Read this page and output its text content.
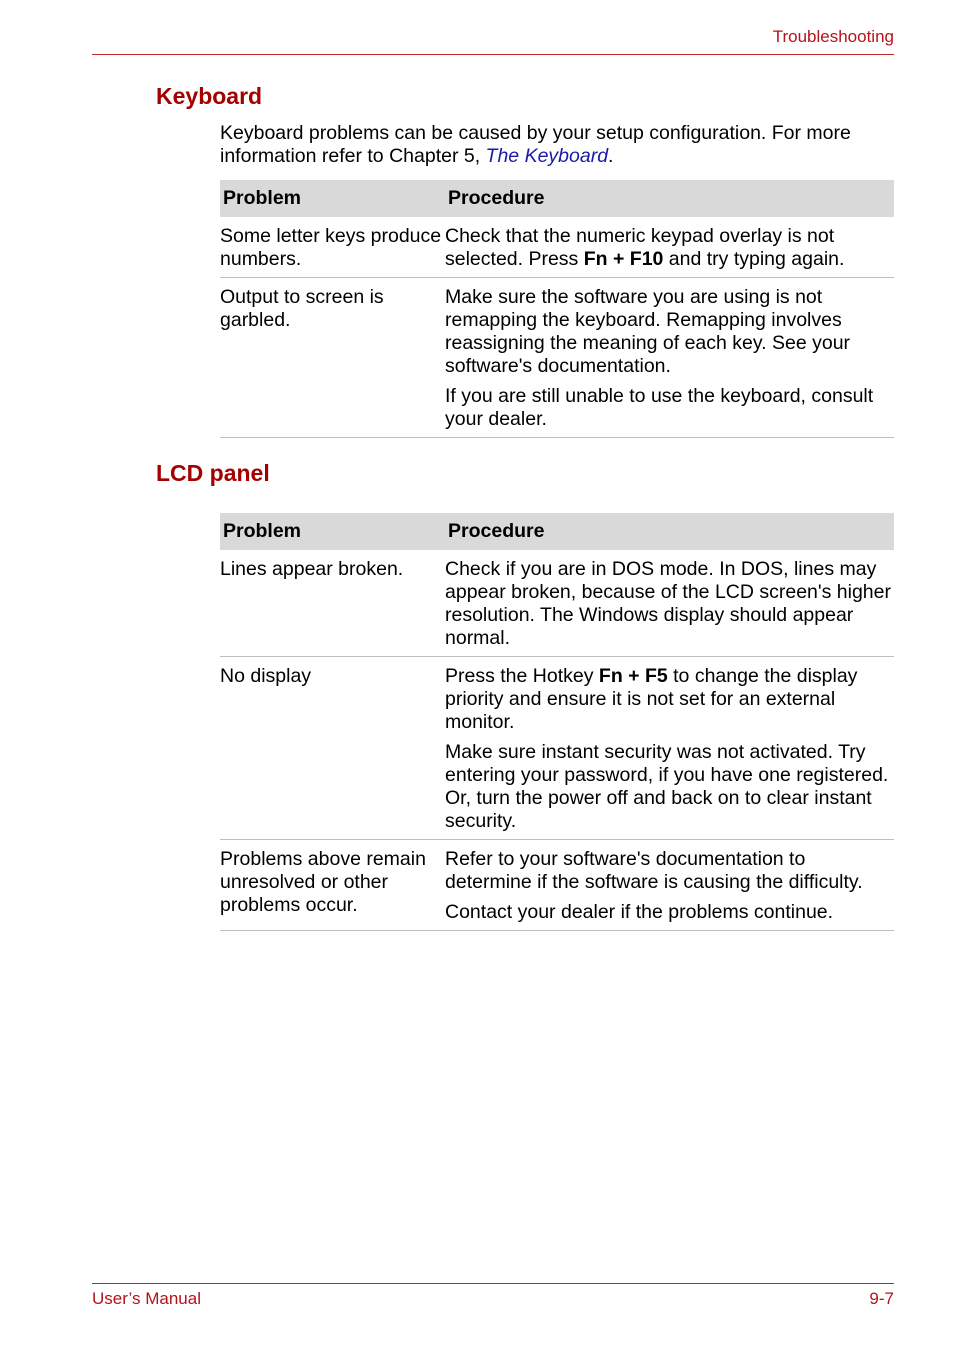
Troubleshooting
Keyboard
Keyboard problems can be caused by your setup configuration. For more information refer to Chapter 5, The Keyboard.
Problem	Procedure
Some letter keys produce numbers.	Check that the numeric keypad overlay is not selected. Press Fn + F10 and try typing again.

Output to screen is garbled.	Make sure the software you are using is not remapping the keyboard. Remapping involves reassigning the meaning of each key. See your software's documentation.

If you are still unable to use the keyboard, consult your dealer.

LCD panel
Problem	Procedure
Lines appear broken.	Check if you are in DOS mode. In DOS, lines may appear broken, because of the LCD screen's higher resolution. The Windows display should appear normal.

No display	Press the Hotkey Fn + F5 to change the display priority and ensure it is not set for an external monitor.

Make sure instant security was not activated. Try entering your password, if you have one registered. Or, turn the power off and back on to clear instant security.

Problems above remain unresolved or other problems occur.	Refer to your software's documentation to determine if the software is causing the difficulty.

Contact your dealer if the problems continue.

User’s Manual	9-7
